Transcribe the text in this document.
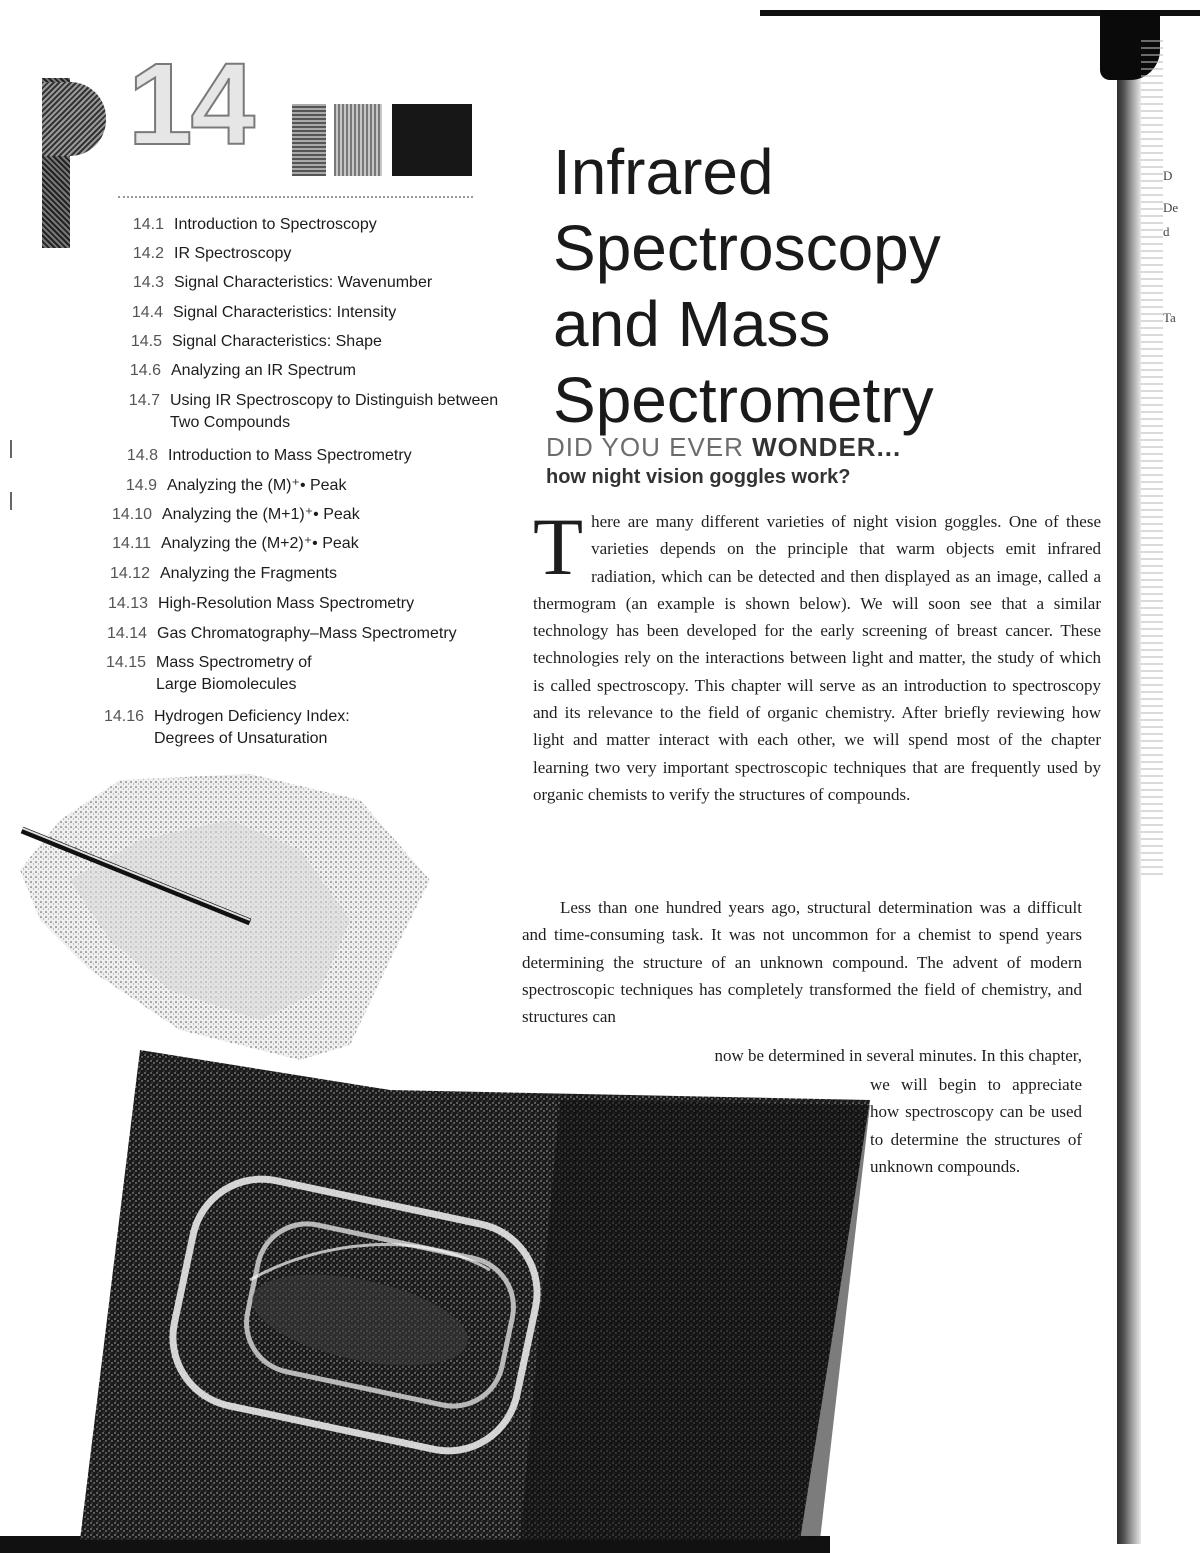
D
De
d
Ta
14
14.1 Introduction to Spectroscopy
14.2 IR Spectroscopy
14.3 Signal Characteristics: Wavenumber
14.4 Signal Characteristics: Intensity
14.5 Signal Characteristics: Shape
14.6 Analyzing an IR Spectrum
14.7 Using IR Spectroscopy to Distinguish between Two Compounds
14.8 Introduction to Mass Spectrometry
14.9 Analyzing the (M)⁺• Peak
14.10 Analyzing the (M+1)⁺• Peak
14.11 Analyzing the (M+2)⁺• Peak
14.12 Analyzing the Fragments
14.13 High-Resolution Mass Spectrometry
14.14 Gas Chromatography–Mass Spectrometry
14.15 Mass Spectrometry of Large Biomolecules
14.16 Hydrogen Deficiency Index: Degrees of Unsaturation
Infrared
Spectroscopy
and Mass
Spectrometry
DID YOU EVER WONDER...
how night vision goggles work?

There are many different varieties of night vision goggles. One of these varieties depends on the principle that warm objects emit infrared radiation, which can be detected and then displayed as an image, called a thermogram (an example is shown below). We will soon see that a similar technology has been developed for the early screening of breast cancer. These technologies rely on the interactions between light and matter, the study of which is called spectroscopy. This chapter will serve as an introduction to spectroscopy and its relevance to the field of organic chemistry. After briefly reviewing how light and matter interact with each other, we will spend most of the chapter learning two very important spectroscopic techniques that are frequently used by organic chemists to verify the structures of compounds.

Less than one hundred years ago, structural determination was a difficult and time-consuming task. It was not uncommon for a chemist to spend years determining the structure of an unknown compound. The advent of modern spectroscopic techniques has completely transformed the field of chemistry, and structures can

now be determined in several minutes. In this chapter,

we will begin to appreciate how spectroscopy can be used to determine the structures of unknown compounds.
